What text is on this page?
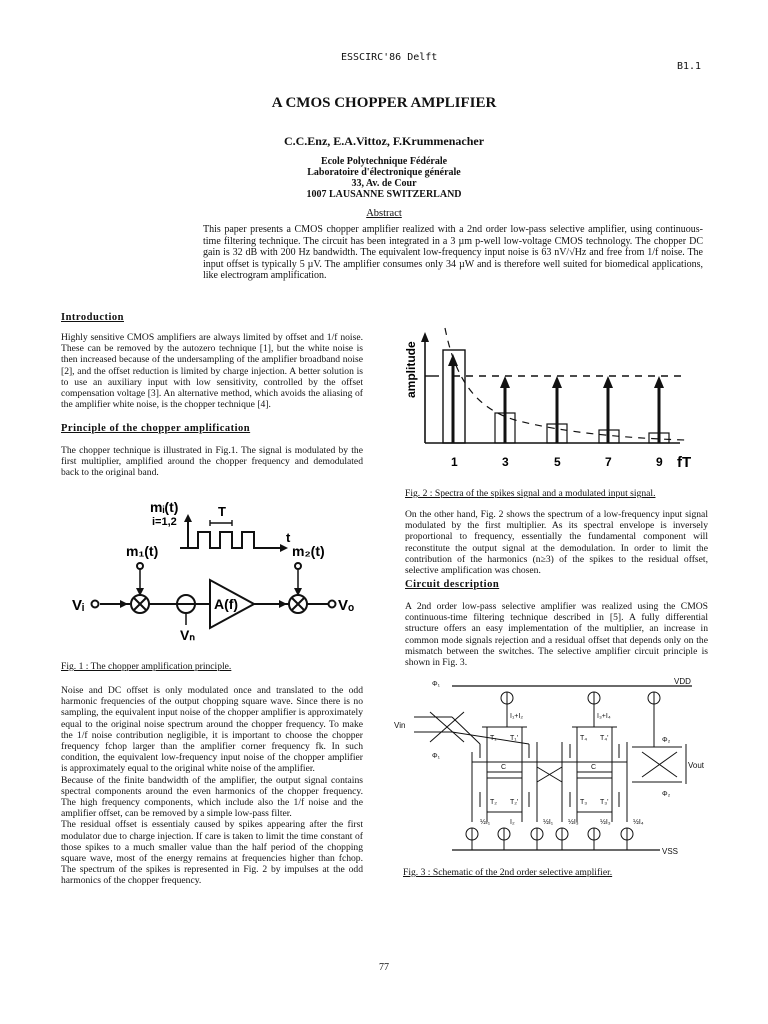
ESSCIRC'86 Delft
B1.1
A CMOS CHOPPER AMPLIFIER
C.C.Enz, E.A.Vittoz, F.Krummenacher
Ecole Polytechnique Fédérale
Laboratoire d'électronique générale
33, Av. de Cour
1007 LAUSANNE SWITZERLAND
Abstract
This paper presents a CMOS chopper amplifier realized with a 2nd order low-pass selective amplifier, using continuous-time filtering technique. The circuit has been integrated in a 3 µm p-well low-voltage CMOS technology. The chopper DC gain is 32 dB with 200 Hz bandwidth. The equivalent low-frequency input noise is 63 nV/√Hz and free from 1/f noise. The input offset is typically 5 µV. The amplifier consumes only 34 µW and is therefore well suited for biomedical applications, like electrogram amplification.
Introduction
Highly sensitive CMOS amplifiers are always limited by offset and 1/f noise. These can be removed by the autozero technique [1], but the white noise is then increased because of the undersampling of the amplifier broadband noise [2], and the offset reduction is limited by charge injection. A better solution is to use an auxiliary input with low sensitivity, controlled by the offset compensation voltage [3]. An alternative method, which avoids the aliasing of the amplifier white noise, is the chopper technique [4].
Principle of the chopper amplification
The chopper technique is illustrated in Fig.1. The signal is modulated by the first multiplier, amplified around the chopper frequency and demodulated back to the original band.
mᵢ(t)
i=1,2
T
t
m₁(t)	m₂(t)
Vᵢ	A(f)
Vₙ
Vₒ
Fig. 1 : The chopper amplification principle.

Noise and DC offset is only modulated once and translated to the odd harmonic frequencies of the output chopping square wave. Since there is no sampling, the equivalent input noise of the chopper amplifier is approximately equal to the original noise spectrum around the chopper frequency. To make the 1/f noise contribution negligible, it is important to choose the chopper frequency fchop larger than the amplifier corner frequency fk. In such condition, the equivalent low-frequency input noise of the chopper amplifier is approximately equal to the original white noise of the amplifier.

Because of the finite bandwidth of the amplifier, the output signal contains spectral components around the even harmonics of the chopper frequency. The high frequency components, which include also the 1/f noise and the amplifier offset, can be removed by a simple low-pass filter.

The residual offset is essentialy caused by spikes appearing after the first modulator due to charge injection. If care is taken to limit the time constant of those spikes to a much smaller value than the half period of the chopping square wave, most of the energy remains at frequencies higher than fchop. The spectrum of the spikes is represented in Fig. 2 by impulses at the odd harmonics of the chopper frequency.

amplitude
1	3	5	7	9 fT
Fig. 2 : Spectra of the spikes signal and a modulated input signal.
On the other hand, Fig. 2 shows the spectrum of a low-frequency input signal modulated by the first multiplier. As its spectral envelope is inversely proportional to frequency, essentially the fundamental component will reconstitute the output signal at the demodulation. In order to limit the contribution of the harmonics (n≥3) of the spikes to the residual offset, selective amplification was chosen.
Circuit description
A 2nd order low-pass selective amplifier was realized using the CMOS continuous-time filtering technique described in [5]. A fully differential structure offers an easy implementation of the multiplier, an increase in common mode signals rejection and a residual offset that depends only on the mismatch between the switches. The selective amplifier circuit principle is shown in Fig. 3.
VDD
VSS
Vin
Vout
Φ₁
Φ₁
Φ₂
Φ₂
I₁+I₂	I₃+I₄
C	C
T₁ T₁'
T₂ T₂'	T₃ T₃'
T₄ T₄'
½I₁	I₂	½I₁ ½I₃	½I₃	½I₄
Fig. 3 : Schematic of the 2nd order selective amplifier.
77
